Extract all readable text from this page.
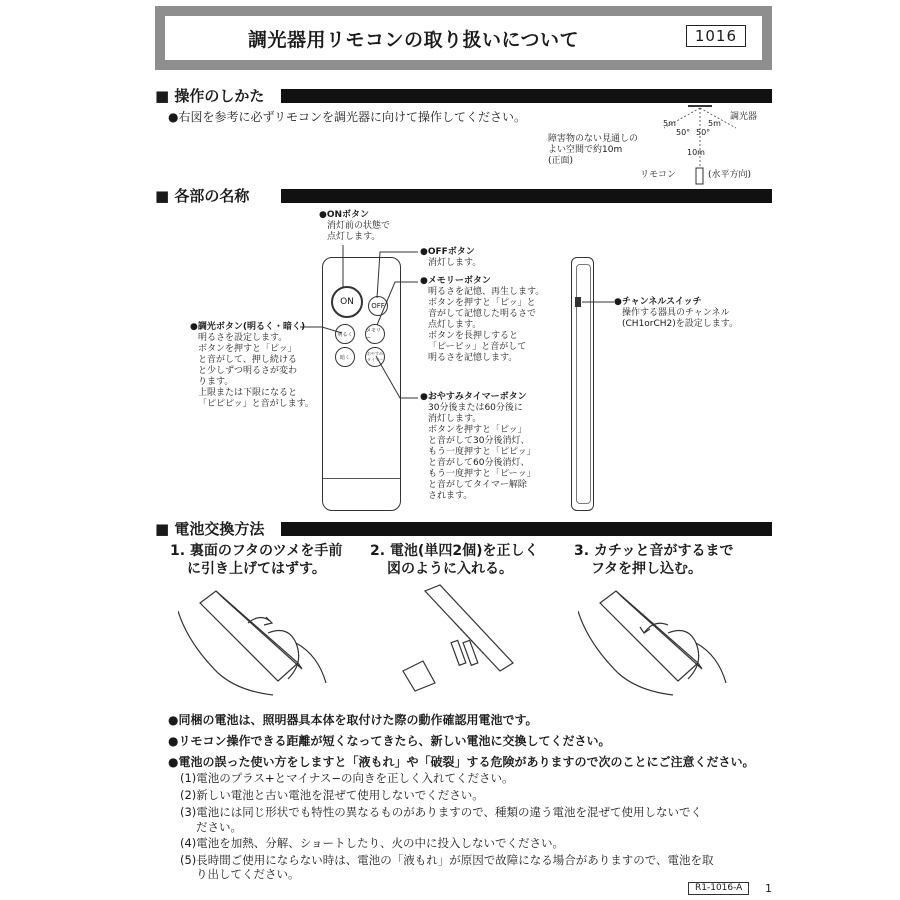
調光器用リモコンの取り扱いについて	1016
■ 操作のしかた
●右図を参考に必ずリモコンを調光器に向けて操作してください。	5m	5m
50° 50°
調光器
障害物のない見通しの
よい空間で約10m
(正面)
10m
リモコン	(水平方向)
■ 各部の名称
ON	OFF
明るく
暗く
メモリー
おやすみタイマー
●ONボタン
消灯前の状態で
点灯します。
●OFFボタン
消灯します。
●メモリーボタン
明るさを記憶、再生します。
ボタンを押すと「ピッ」と
音がして記憶した明るさで
点灯します。
ボタンを長押しすると
「ピーピッ」と音がして
明るさを記憶します。
●調光ボタン(明るく・暗く)
明るさを設定します。
ボタンを押すと「ピッ」
と音がして、押し続ける
と少しずつ明るさが変わ
ります。
上限または下限になると
「ピピピッ」と音がします。
●おやすみタイマーボタン
30分後または60分後に
消灯します。
ボタンを押すと「ピッ」
と音がして30分後消灯、
もう一度押すと「ピピッ」
と音がして60分後消灯、
もう一度押すと「ピーッ」
と音がしてタイマー解除
されます。
●チャンネルスイッチ
操作する器具のチャンネル
(CH1orCH2)を設定します。
■ 電池交換方法
1. 裏面のフタのツメを手前
に引き上げてはずす。
2. 電池(単四2個)を正しく
図のように入れる。
3. カチッと音がするまで
フタを押し込む。
●同梱の電池は、照明器具本体を取付けた際の動作確認用電池です。
●リモコン操作できる距離が短くなってきたら、新しい電池に交換してください。
●電池の誤った使い方をしますと「液もれ」や「破裂」する危険がありますので次のことにご注意ください。
(1)電池のプラス+とマイナス−の向きを正しく入れてください。
(2)新しい電池と古い電池を混ぜて使用しないでください。
(3)電池には同じ形状でも特性の異なるものがありますので、種類の違う電池を混ぜて使用しないでく
ださい。
(4)電池を加熱、分解、ショートしたり、火の中に投入しないでください。
(5)長時間ご使用にならない時は、電池の「液もれ」が原因で故障になる場合がありますので、電池を取
り出してください。
R1-1016-A	1
